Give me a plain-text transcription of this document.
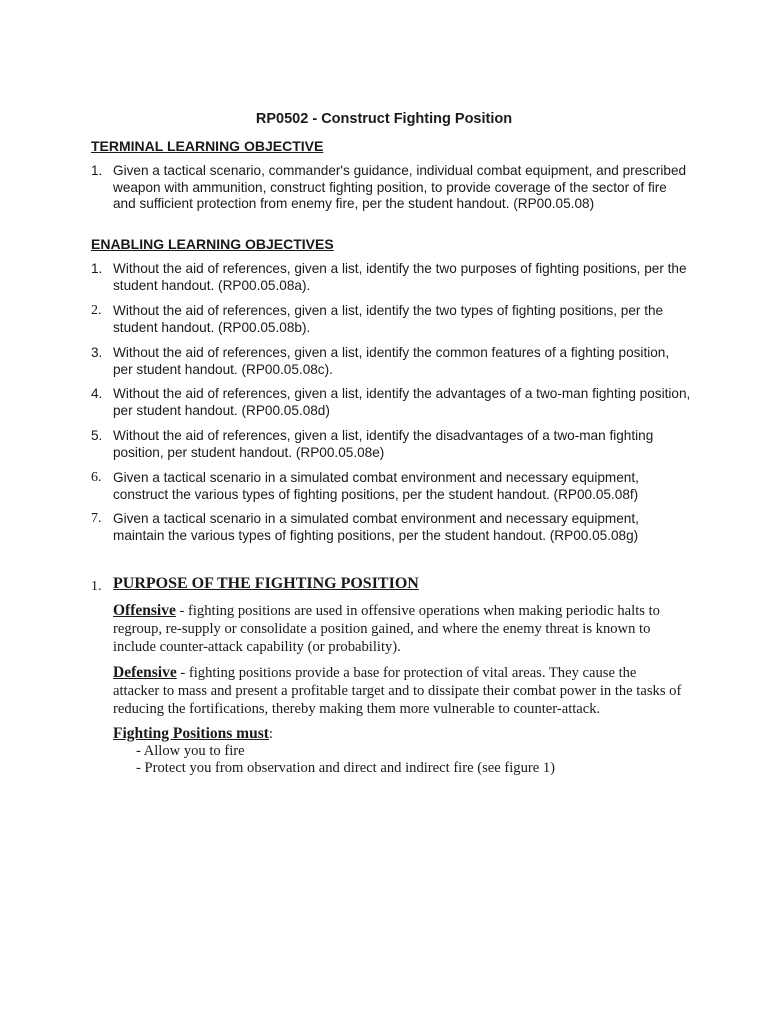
RP0502 - Construct Fighting Position
TERMINAL LEARNING OBJECTIVE
1. Given a tactical scenario, commander's guidance, individual combat equipment, and prescribed weapon with ammunition, construct fighting position, to provide coverage of the sector of fire and sufficient protection from enemy fire, per the student handout. (RP00.05.08)
ENABLING LEARNING OBJECTIVES
1. Without the aid of references, given a list, identify the two purposes of fighting positions, per the student handout. (RP00.05.08a).
2. Without the aid of references, given a list, identify the two types of fighting positions, per the student handout. (RP00.05.08b).
3. Without the aid of references, given a list, identify the common features of a fighting position, per student handout. (RP00.05.08c).
4. Without the aid of references, given a list, identify the advantages of a two-man fighting position, per student handout. (RP00.05.08d)
5. Without the aid of references, given a list, identify the disadvantages of a two-man fighting position, per student handout. (RP00.05.08e)
6. Given a tactical scenario in a simulated combat environment and necessary equipment, construct the various types of fighting positions, per the student handout. (RP00.05.08f)
7. Given a tactical scenario in a simulated combat environment and necessary equipment, maintain the various types of fighting positions, per the student handout. (RP00.05.08g)
1. PURPOSE OF THE FIGHTING POSITION

Offensive - fighting positions are used in offensive operations when making periodic halts to regroup, re-supply or consolidate a position gained, and where the enemy threat is known to include counter-attack capability (or probability).

Defensive - fighting positions provide a base for protection of vital areas. They cause the attacker to mass and present a profitable target and to dissipate their combat power in the tasks of reducing the fortifications, thereby making them more vulnerable to counter-attack.

Fighting Positions must:

- Allow you to fire
- Protect you from observation and direct and indirect fire (see figure 1)
